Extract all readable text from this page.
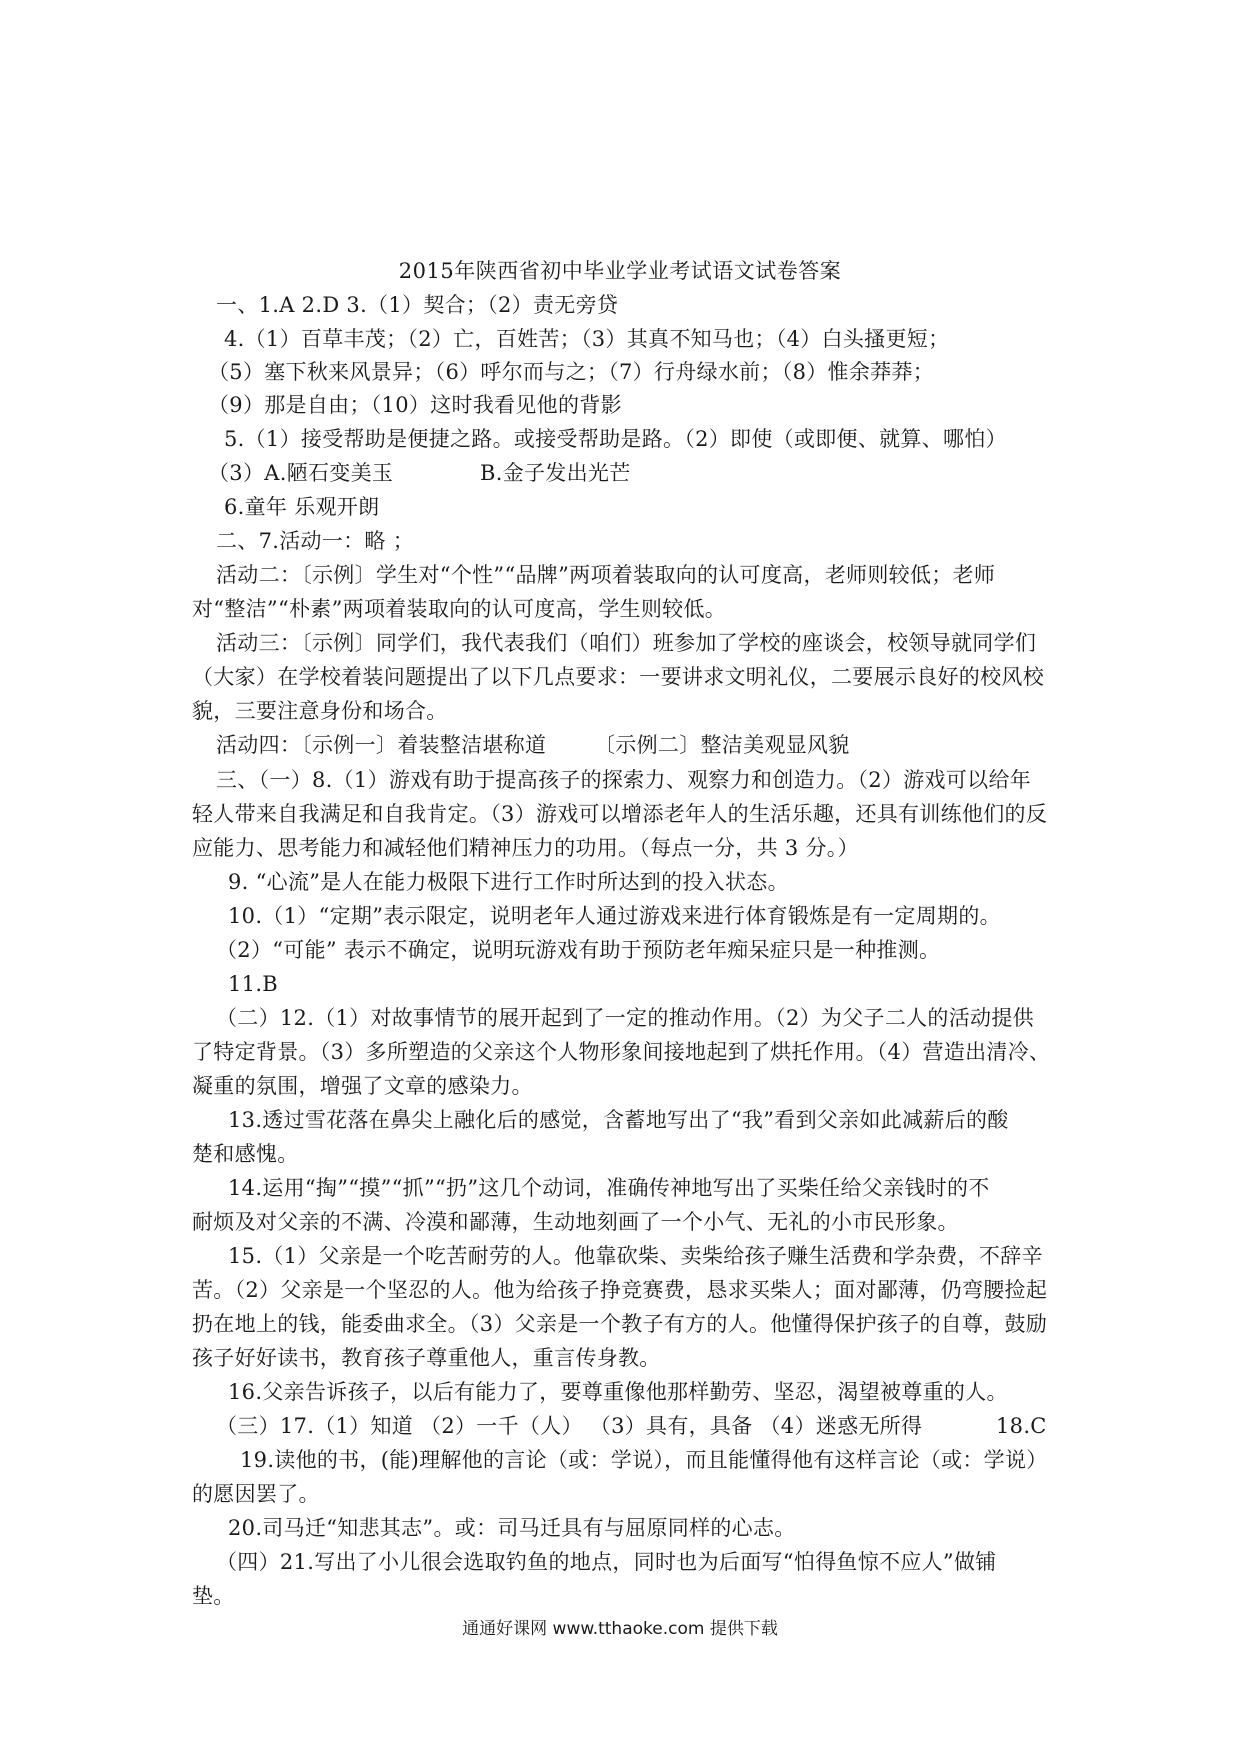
2015年陕西省初中毕业学业考试语文试卷答案
一、1.A 2.D 3.（1）契合；（2）责无旁贷
4.（1）百草丰茂；（2）亡，百姓苦；（3）其真不知马也；（4）白头搔更短；
（5）塞下秋来风景异；（6）呼尔而与之；（7）行舟绿水前；（8）惟余莽莽；
（9）那是自由；（10）这时我看见他的背影
5.（1）接受帮助是便捷之路。或接受帮助是路。（2）即使（或即便、就算、哪怕）
（3）A.陋石变美玉	B.金子发出光芒
6.童年 乐观开朗
二、7.活动一：略 ；
活动二：〔示例〕学生对“个性”“品牌”两项着装取向的认可度高，老师则较低；老师
对“整洁”“朴素”两项着装取向的认可度高，学生则较低。
活动三：〔示例〕同学们，我代表我们（咱们）班参加了学校的座谈会，校领导就同学们
（大家）在学校着装问题提出了以下几点要求：一要讲求文明礼仪，二要展示良好的校风校
貌，三要注意身份和场合。
活动四：〔示例一〕着装整洁堪称道 〔示例二〕整洁美观显风貌
三、（一）8.（1）游戏有助于提高孩子的探索力、观察力和创造力。（2）游戏可以给年
轻人带来自我满足和自我肯定。（3）游戏可以增添老年人的生活乐趣，还具有训练他们的反
应能力、思考能力和减轻他们精神压力的功用。（每点一分，共 3 分。）
9. “心流”是人在能力极限下进行工作时所达到的投入状态。
10.（1）“定期”表示限定，说明老年人通过游戏来进行体育锻炼是有一定周期的。
（2）“可能” 表示不确定，说明玩游戏有助于预防老年痴呆症只是一种推测。
11.B
（二）12.（1）对故事情节的展开起到了一定的推动作用。（2）为父子二人的活动提供
了特定背景。（3）多所塑造的父亲这个人物形象间接地起到了烘托作用。（4）营造出清冷、
凝重的氛围，增强了文章的感染力。
13.透过雪花落在鼻尖上融化后的感觉，含蓄地写出了“我”看到父亲如此减薪后的酸
楚和感愧。
14.运用“掏”“摸”“抓”“扔”这几个动词，准确传神地写出了买柴任给父亲钱时的不
耐烦及对父亲的不满、冷漠和鄙薄，生动地刻画了一个小气、无礼的小市民形象。
15.（1）父亲是一个吃苦耐劳的人。他靠砍柴、卖柴给孩子赚生活费和学杂费，不辞辛
苦。（2）父亲是一个坚忍的人。他为给孩子挣竞赛费，恳求买柴人；面对鄙薄，仍弯腰捡起
扔在地上的钱，能委曲求全。（3）父亲是一个教子有方的人。他懂得保护孩子的自尊，鼓励
孩子好好读书，教育孩子尊重他人，重言传身教。
16.父亲告诉孩子，以后有能力了，要尊重像他那样勤劳、坚忍，渴望被尊重的人。
（三）17.（1）知道 （2）一千（人） （3）具有，具备 （4）迷惑无所得	18.C
19.读他的书，(能)理解他的言论（或：学说），而且能懂得他有这样言论（或：学说）
的愿因罢了。
20.司马迁“知悲其志”。或：司马迁具有与屈原同样的心志。
（四）21.写出了小儿很会选取钓鱼的地点，同时也为后面写“怕得鱼惊不应人”做铺
垫。
通通好课网 www.tthaoke.com 提供下载
